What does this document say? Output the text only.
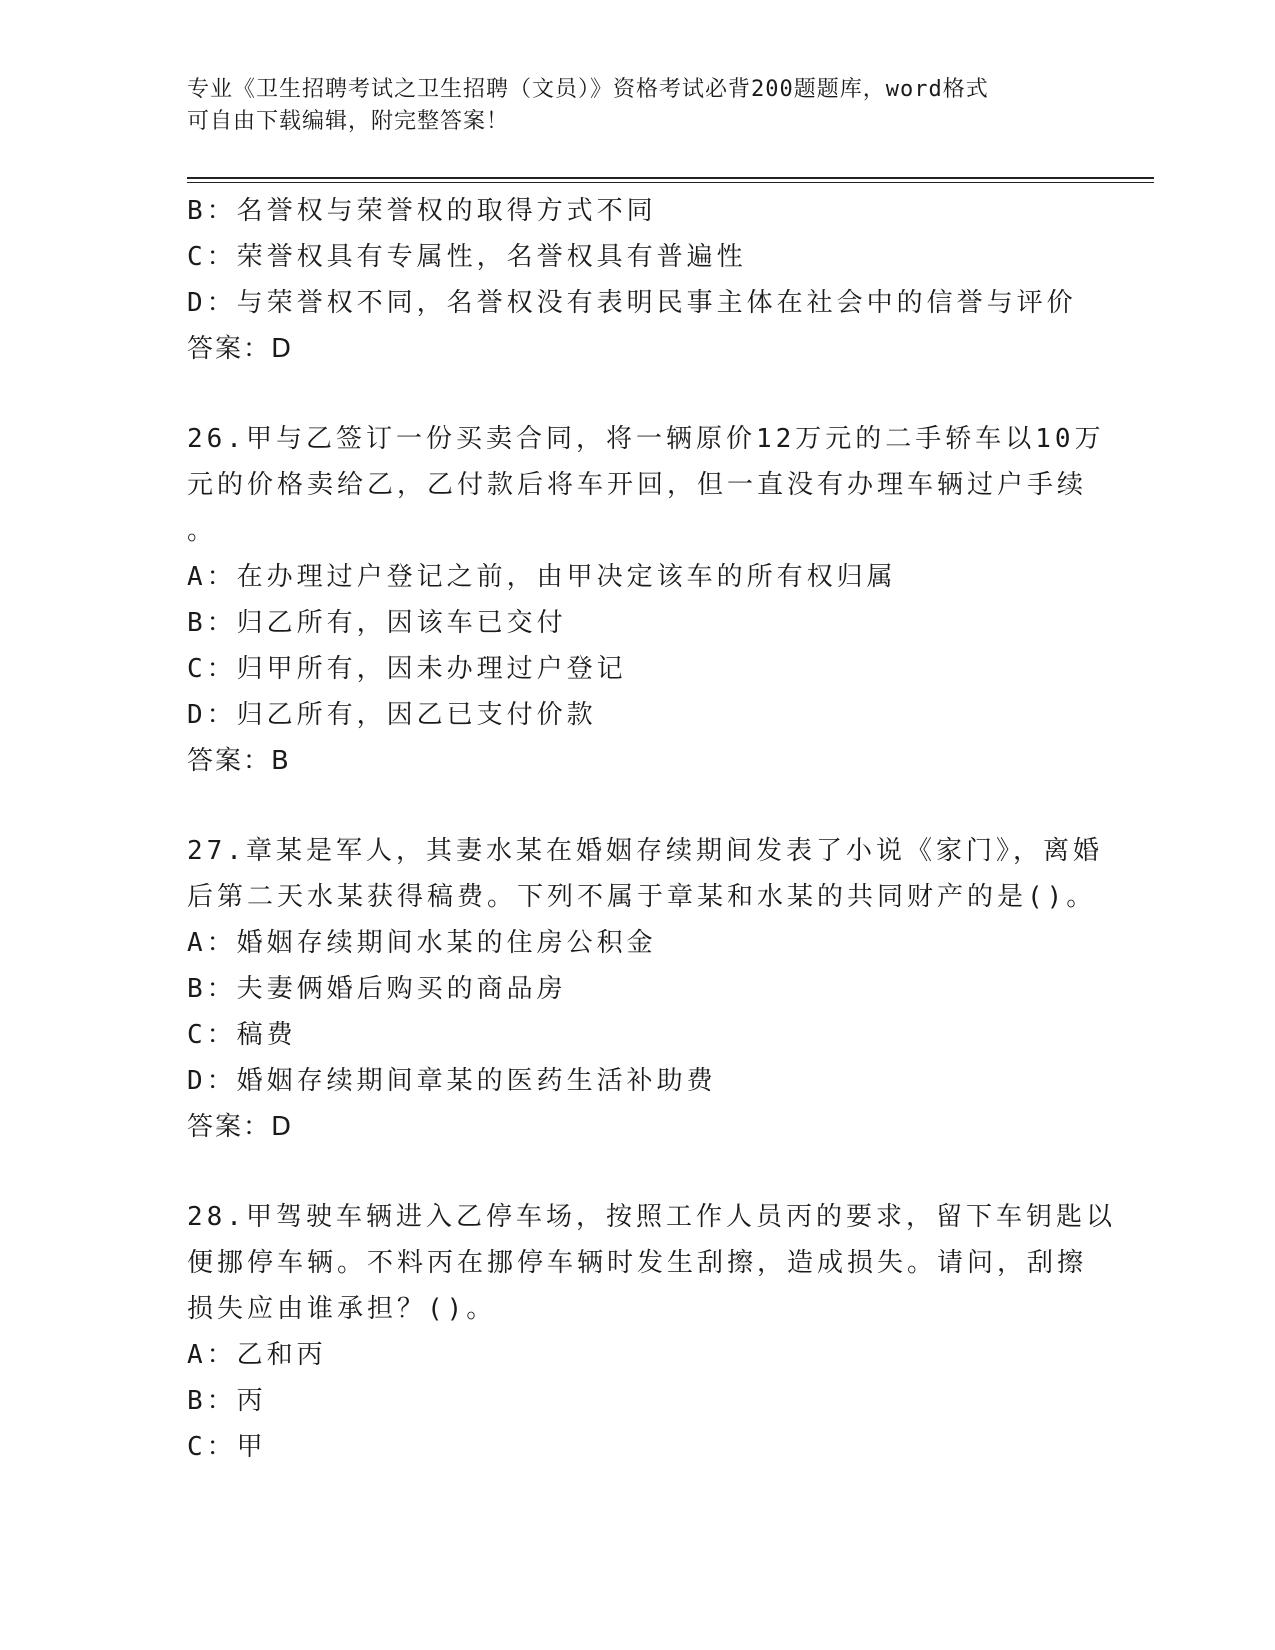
专业《卫生招聘考试之卫生招聘（文员）》资格考试必背200题题库，word格式
可自由下载编辑，附完整答案！
B：名誉权与荣誉权的取得方式不同
C：荣誉权具有专属性，名誉权具有普遍性
D：与荣誉权不同，名誉权没有表明民事主体在社会中的信誉与评价
答案：D
26.甲与乙签订一份买卖合同，将一辆原价12万元的二手轿车以10万
元的价格卖给乙，乙付款后将车开回，但一直没有办理车辆过户手续
。
A：在办理过户登记之前，由甲决定该车的所有权归属
B：归乙所有，因该车已交付
C：归甲所有，因未办理过户登记
D：归乙所有，因乙已支付价款
答案：B
27.章某是军人，其妻水某在婚姻存续期间发表了小说《家门》，离婚
后第二天水某获得稿费。下列不属于章某和水某的共同财产的是()。
A：婚姻存续期间水某的住房公积金
B：夫妻俩婚后购买的商品房
C：稿费
D：婚姻存续期间章某的医药生活补助费
答案：D
28.甲驾驶车辆进入乙停车场，按照工作人员丙的要求，留下车钥匙以
便挪停车辆。不料丙在挪停车辆时发生刮擦，造成损失。请问，刮擦
损失应由谁承担？()。
A：乙和丙
B：丙
C：甲
